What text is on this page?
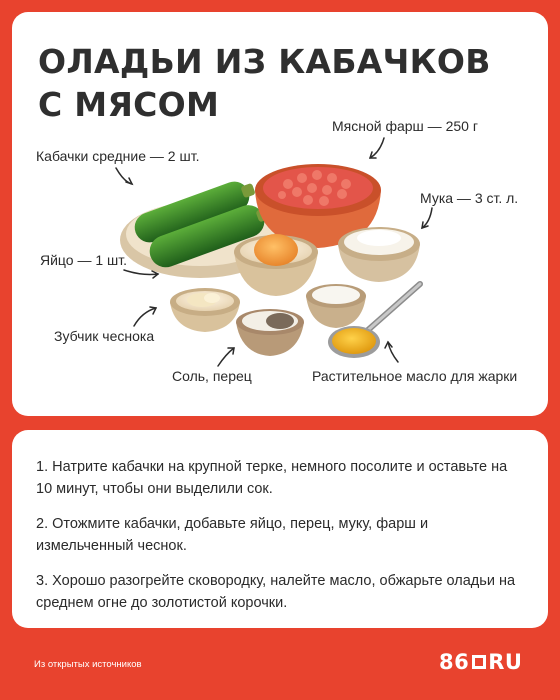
ОЛАДЬИ ИЗ КАБАЧКОВ
С МЯСОМ
Кабачки средние — 2 шт.
Мясной фарш — 250 г
Мука — 3 ст. л.
Яйцо — 1 шт.
Зубчик чеснока
Соль, перец	Растительное масло для жарки

1. Натрите кабачки на крупной терке, немного посолите и оставьте на 10 минут, чтобы они выделили сок.

2. Отожмите кабачки, добавьте яйцо, перец, муку, фарш и измельченный чеснок.

3. Хорошо разогрейте сковородку, налейте масло, обжарьте оладьи на среднем огне до золотистой корочки.

Из открытых источников	86 RU
